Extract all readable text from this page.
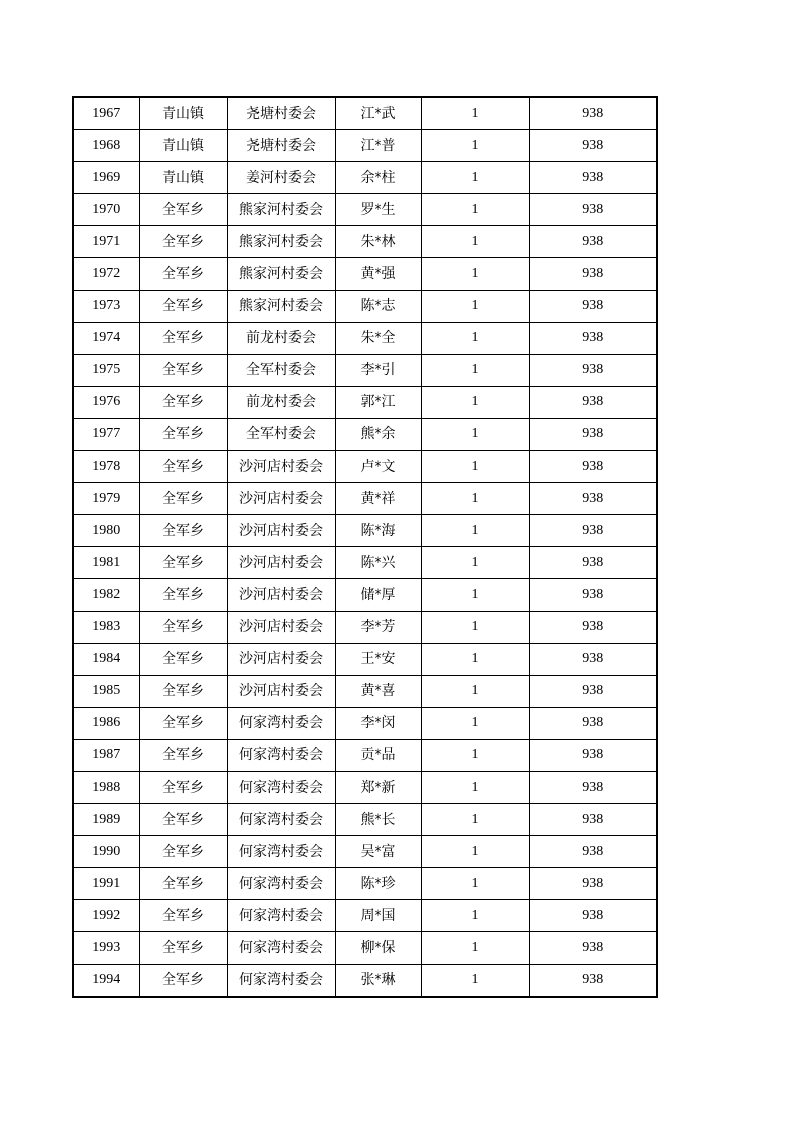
1967	青山镇	尧塘村委会	江*武	1	938
1968	青山镇	尧塘村委会	江*普	1	938
1969	青山镇	姜河村委会	余*柱	1	938
1970	全军乡	熊家河村委会	罗*生	1	938
1971	全军乡	熊家河村委会	朱*林	1	938
1972	全军乡	熊家河村委会	黄*强	1	938
1973	全军乡	熊家河村委会	陈*志	1	938
1974	全军乡	前龙村委会	朱*全	1	938
1975	全军乡	全军村委会	李*引	1	938
1976	全军乡	前龙村委会	郭*江	1	938
1977	全军乡	全军村委会	熊*余	1	938
1978	全军乡	沙河店村委会	卢*文	1	938
1979	全军乡	沙河店村委会	黄*祥	1	938
1980	全军乡	沙河店村委会	陈*海	1	938
1981	全军乡	沙河店村委会	陈*兴	1	938
1982	全军乡	沙河店村委会	储*厚	1	938
1983	全军乡	沙河店村委会	李*芳	1	938
1984	全军乡	沙河店村委会	王*安	1	938
1985	全军乡	沙河店村委会	黄*喜	1	938
1986	全军乡	何家湾村委会	李*闵	1	938
1987	全军乡	何家湾村委会	贡*品	1	938
1988	全军乡	何家湾村委会	郑*新	1	938
1989	全军乡	何家湾村委会	熊*长	1	938
1990	全军乡	何家湾村委会	吴*富	1	938
1991	全军乡	何家湾村委会	陈*珍	1	938
1992	全军乡	何家湾村委会	周*国	1	938
1993	全军乡	何家湾村委会	柳*保	1	938
1994	全军乡	何家湾村委会	张*琳	1	938
